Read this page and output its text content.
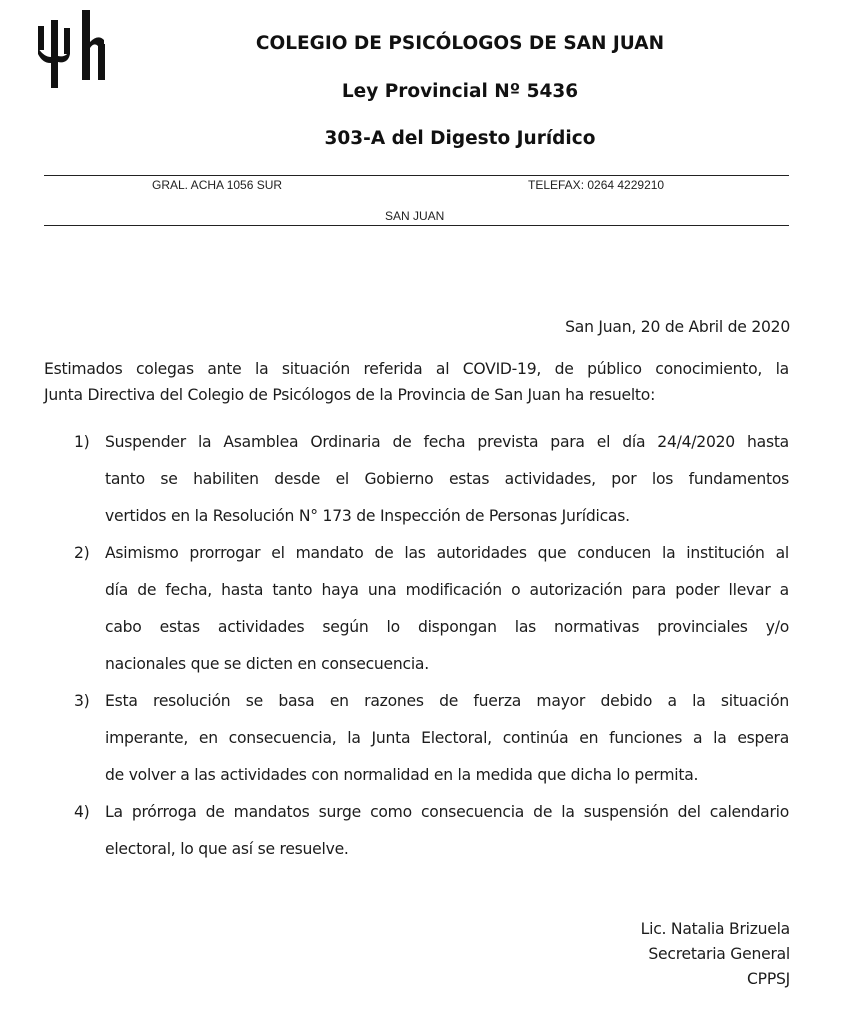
COLEGIO DE PSICÓLOGOS DE SAN JUAN
Ley Provincial Nº 5436
303-A del Digesto Jurídico
GRAL. ACHA 1056 SUR	TELEFAX: 0264 4229210
SAN JUAN
San Juan, 20 de Abril de 2020
Estimados colegas ante la situación referida al COVID-19, de público conocimiento, la
Junta Directiva del Colegio de Psicólogos de la Provincia de San Juan ha resuelto:
1) Suspender la Asamblea Ordinaria de fecha prevista para el día 24/4/2020 hasta
tanto se habiliten desde el Gobierno estas actividades, por los fundamentos
vertidos en la Resolución N° 173 de Inspección de Personas Jurídicas.
2) Asimismo prorrogar el mandato de las autoridades que conducen la institución al
día de fecha, hasta tanto haya una modificación o autorización para poder llevar a
cabo estas actividades según lo dispongan las normativas provinciales y/o
nacionales que se dicten en consecuencia.
3) Esta resolución se basa en razones de fuerza mayor debido a la situación
imperante, en consecuencia, la Junta Electoral, continúa en funciones a la espera
de volver a las actividades con normalidad en la medida que dicha lo permita.
4) La prórroga de mandatos surge como consecuencia de la suspensión del calendario
electoral, lo que así se resuelve.
Lic. Natalia Brizuela
Secretaria General
CPPSJ
